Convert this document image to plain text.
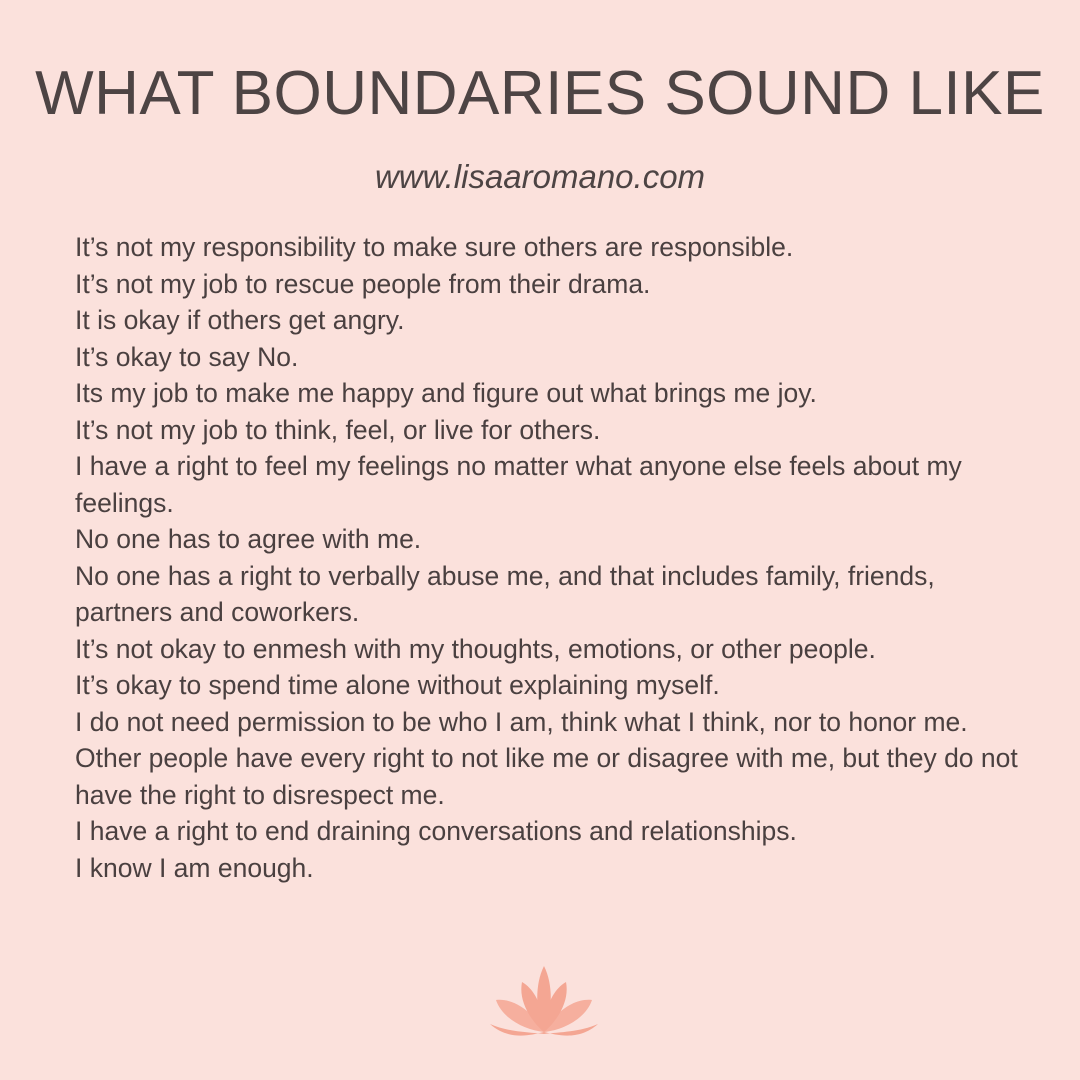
WHAT BOUNDARIES SOUND LIKE
www.lisaaromano.com
It’s not my responsibility to make sure others are responsible.
It’s not my job to rescue people from their drama.
It is okay if others get angry.
It’s okay to say No.
Its my job to make me happy and figure out what brings me joy.
It’s not my job to think, feel, or live for others.
I have a right to feel my feelings no matter what anyone else feels about my feelings.
No one has to agree with me.
No one has a right to verbally abuse me, and that includes family, friends, partners and coworkers.
It’s not okay to enmesh with my thoughts, emotions, or other people.
It’s okay to spend time alone without explaining myself.
I do not need permission to be who I am, think what I think, nor to honor me.
Other people have every right to not like me or disagree with me, but they do not have the right to disrespect me.
I have a right to end draining conversations and relationships.
I know I am enough.
